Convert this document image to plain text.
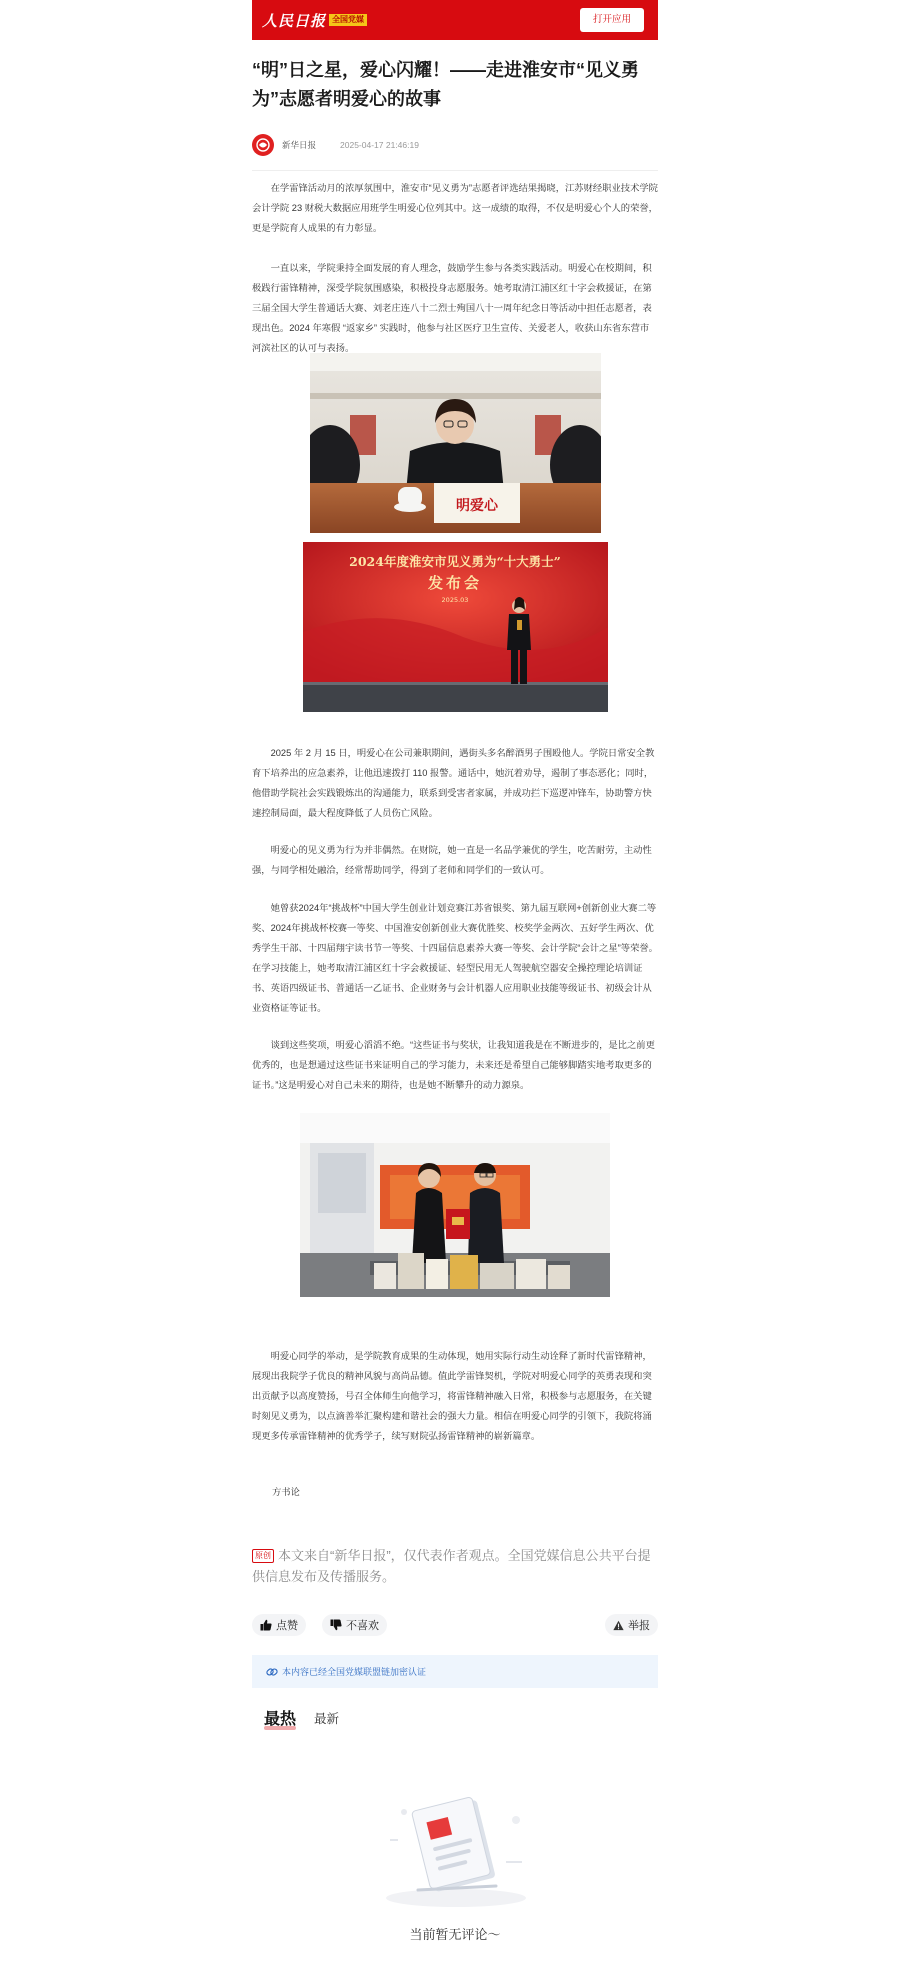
人民日报 全国党媒	打开应用
“明”日之星，爱心闪耀！——走进淮安市“见义勇为”志愿者明爱心的故事
新华日报	2025-04-17 21:46:19

在学雷锋活动月的浓厚氛围中，淮安市“见义勇为”志愿者评选结果揭晓，江苏财经职业技术学院会计学院 23 财税大数据应用班学生明爱心位列其中。这一成绩的取得，不仅是明爱心个人的荣誉，更是学院育人成果的有力彰显。

一直以来，学院秉持全面发展的育人理念，鼓励学生参与各类实践活动。明爱心在校期间，积极践行雷锋精神，深受学院氛围感染，积极投身志愿服务。她考取清江浦区红十字会救援证，在第三届全国大学生普通话大赛、刘老庄连八十二烈士殉国八十一周年纪念日等活动中担任志愿者，表现出色。2024 年寒假 “返家乡” 实践时，他参与社区医疗卫生宣传、关爱老人，收获山东省东营市河滨社区的认可与表扬。

明爱心
2024年度淮安市见义勇为“十大勇士”
发布会
2025.03

2025 年 2 月 15 日，明爱心在公司兼职期间，遇街头多名醉酒男子围殴他人。学院日常安全教育下培养出的应急素养，让他迅速拨打 110 报警。通话中，她沉着劝导，遏制了事态恶化；同时，他借助学院社会实践锻炼出的沟通能力，联系到受害者家属，并成功拦下巡逻冲锋车，协助警方快速控制局面，最大程度降低了人员伤亡风险。

明爱心的见义勇为行为并非偶然。在财院，她一直是一名品学兼优的学生，吃苦耐劳，主动性强，与同学相处融洽，经常帮助同学，得到了老师和同学们的一致认可。

她曾获2024年“挑战杯”中国大学生创业计划竞赛江苏省银奖、第九届互联网+创新创业大赛二等奖、2024年挑战杯校赛一等奖、中国淮安创新创业大赛优胜奖、校奖学金两次、五好学生两次、优秀学生干部、十四届翔宇读书节一等奖、十四届信息素养大赛一等奖、会计学院“会计之星”等荣誉。在学习技能上，她考取清江浦区红十字会救援证、轻型民用无人驾驶航空器安全操控理论培训证书、英语四级证书、普通话一乙证书、企业财务与会计机器人应用职业技能等级证书、初级会计从业资格证等证书。

谈到这些奖项，明爱心滔滔不绝。“这些证书与奖状，让我知道我是在不断进步的，是比之前更优秀的，也是想通过这些证书来证明自己的学习能力，未来还是希望自己能够脚踏实地考取更多的证书。”这是明爱心对自己未来的期待，也是她不断攀升的动力源泉。

明爱心同学的举动，是学院教育成果的生动体现，她用实际行动生动诠释了新时代雷锋精神，展现出我院学子优良的精神风貌与高尚品德。值此学雷锋契机，学院对明爱心同学的英勇表现和突出贡献予以高度赞扬，号召全体师生向他学习，将雷锋精神融入日常，积极参与志愿服务，在关键时刻见义勇为，以点滴善举汇聚构建和谐社会的强大力量。相信在明爱心同学的引领下，我院将涌现更多传承雷锋精神的优秀学子，续写财院弘扬雷锋精神的崭新篇章。

方书论
原创 本文来自“新华日报”，仅代表作者观点。全国党媒信息公共平台提供信息发布及传播服务。
点赞	不喜欢	举报
本内容已经全国党媒联盟链加密认证
最热 最新
当前暂无评论～
